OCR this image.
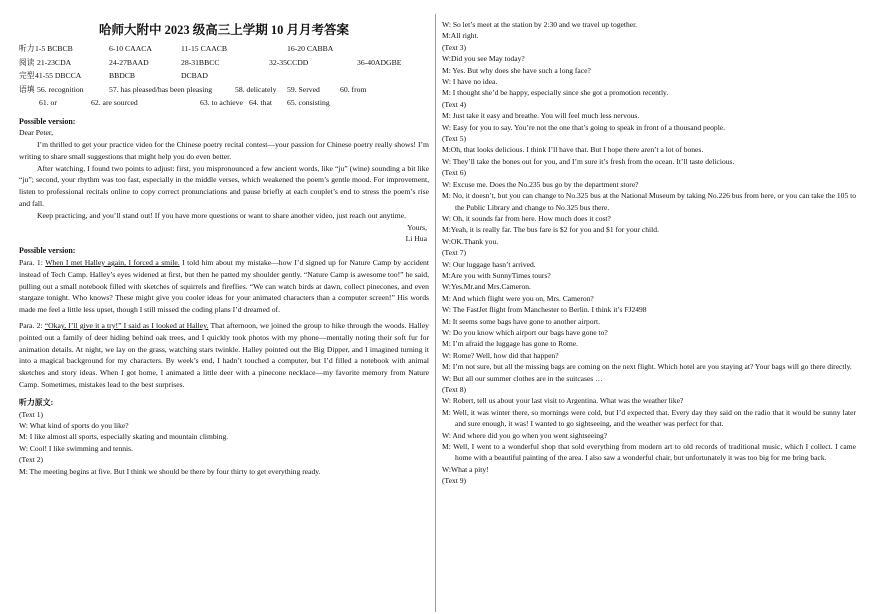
哈师大附中 2023 级高三上学期 10 月月考答案
听力 1-5 BCBCB	6-10 CAACA	11-15 CAACB	16-20 CABBA
阅读 21-23CDA	24-27BAAD	28-31BBCC	32-35CCDD	36-40ADGBE
完型 41-55 DBCCA	BBDCB	DCBAD
语填 56. recognition	57. has pleased/has been pleasing	58. delicately 59. Served	60. from
61. or	62. are sourced	63. to achieve 64. that 65. consisting
Possible version:

Dear Peter,

I’m thrilled to get your practice video for the Chinese poetry recital contest—your passion for Chinese poetry really shows! I’m writing to share small suggestions that might help you do even better.

After watching, I found two points to adjust: first, you mispronounced a few ancient words, like “ju” (wine) sounding a bit like “ju”; second, your rhythm was too fast, especially in the middle verses, which weakened the poem’s gentle mood. For improvement, listen to professional recitals online to copy correct pronunciations and pause briefly at each couplet’s end to stress the poem’s rise and fall.

Keep practicing, and you’ll stand out! If you have more questions or want to share another video, just reach out anytime.

Yours,

Li Hua

Possible version:

Para. 1: When I met Halley again, I forced a smile. I told him about my mistake—how I’d signed up for Nature Camp by accident instead of Tech Camp. Halley’s eyes widened at first, but then he patted my shoulder gently. “Nature Camp is awesome too!” he said, pulling out a small notebook filled with sketches of squirrels and fireflies. “We can watch birds at dawn, collect pinecones, and even stargaze tonight. Who knows? These might give you cooler ideas for your animated characters than a computer screen!” His words made me feel a little less upset, though I still missed the coding plans I’d dreamed of.

Para. 2: “Okay, I’ll give it a try!” I said as I looked at Halley. That afternoon, we joined the group to hike through the woods. Halley pointed out a family of deer hiding behind oak trees, and I quickly took photos with my phone—mentally noting their soft fur for animation details. At night, we lay on the grass, watching stars twinkle. Halley pointed out the Big Dipper, and I imagined turning it into a magical background for my characters. By week’s end, I hadn’t touched a computer, but I’d filled a notebook with animal sketches and story ideas. When I got home, I animated a little deer with a pinecone necklace—my favorite memory from Nature Camp. Sometimes, mistakes lead to the best surprises.

听力原文:
(Text 1)
W: What kind of sports do you like?
M: I like almost all sports, especially skating and mountain climbing.
W: Cool! I like swimming and tennis.
(Text 2)
M: The meeting begins at five. But I think we should be there by four thirty to get everything ready.
W: So let’s meet at the station by 2:30 and we travel up together.
M:All right.
(Text 3)
W:Did you see May today?
M: Yes. But why does she have such a long face?
W: I have no idea.
M: I thought she’d be happy, especially since she got a promotion recently.
(Text 4)
M: Just take it easy and breathe. You will feel much less nervous.
W: Easy for you to say. You’re not the one that’s going to speak in front of a thousand people.
(Text 5)
M:Oh, that looks delicious. I think I’ll have that. But I hope there aren’t a lot of bones.
W: They’ll take the bones out for you, and I’m sure it’s fresh from the ocean. It’ll taste delicious.
(Text 6)
W: Excuse me. Does the No.235 bus go by the department store?
M: No, it doesn’t, but you can change to No.325 bus at the National Museum by taking No.226 bus from here, or you can take the 105 to the Public Library and change to No.325 bus there.
W: Oh, it sounds far from here. How much does it cost?
M:Yeah, it is really far. The bus fare is $2 for you and $1 for your child.
W:OK.Thank you.
(Text 7)
W: Our luggage hasn’t arrived.
M:Are you with SunnyTimes tours?
W:Yes.Mr.and Mrs.Cameron.
M: And which flight were you on, Mrs. Cameron?
W: The FastJet flight from Manchester to Berlin. I think it’s FJ2498
M: It seems some bags have gone to another airport.
W: Do you know which airport our bags have gone to?
M: I’m afraid the luggage has gone to Rome.
W: Rome? Well, how did that happen?
M: I’m not sure, but all the missing bags are coming on the next flight. Which hotel are you staying at? Your bags will go there directly.
W: But all our summer clothes are in the suitcases …
(Text 8)
W: Robert, tell us about your last visit to Argentina. What was the weather like?
M: Well, it was winter there, so mornings were cold, but I’d expected that. Every day they said on the radio that it would be sunny later and sure enough, it was! I wanted to go sightseeing, and the weather was perfect for that.
W: And where did you go when you went sightseeing?
M: Well, I went to a wonderful shop that sold everything from modern art to old records of traditional music, which I collect. I came home with a beautiful painting of the area. I also saw a wonderful chair, but unfortunately it was too big for me bring back.
W:What a pity!
(Text 9)
